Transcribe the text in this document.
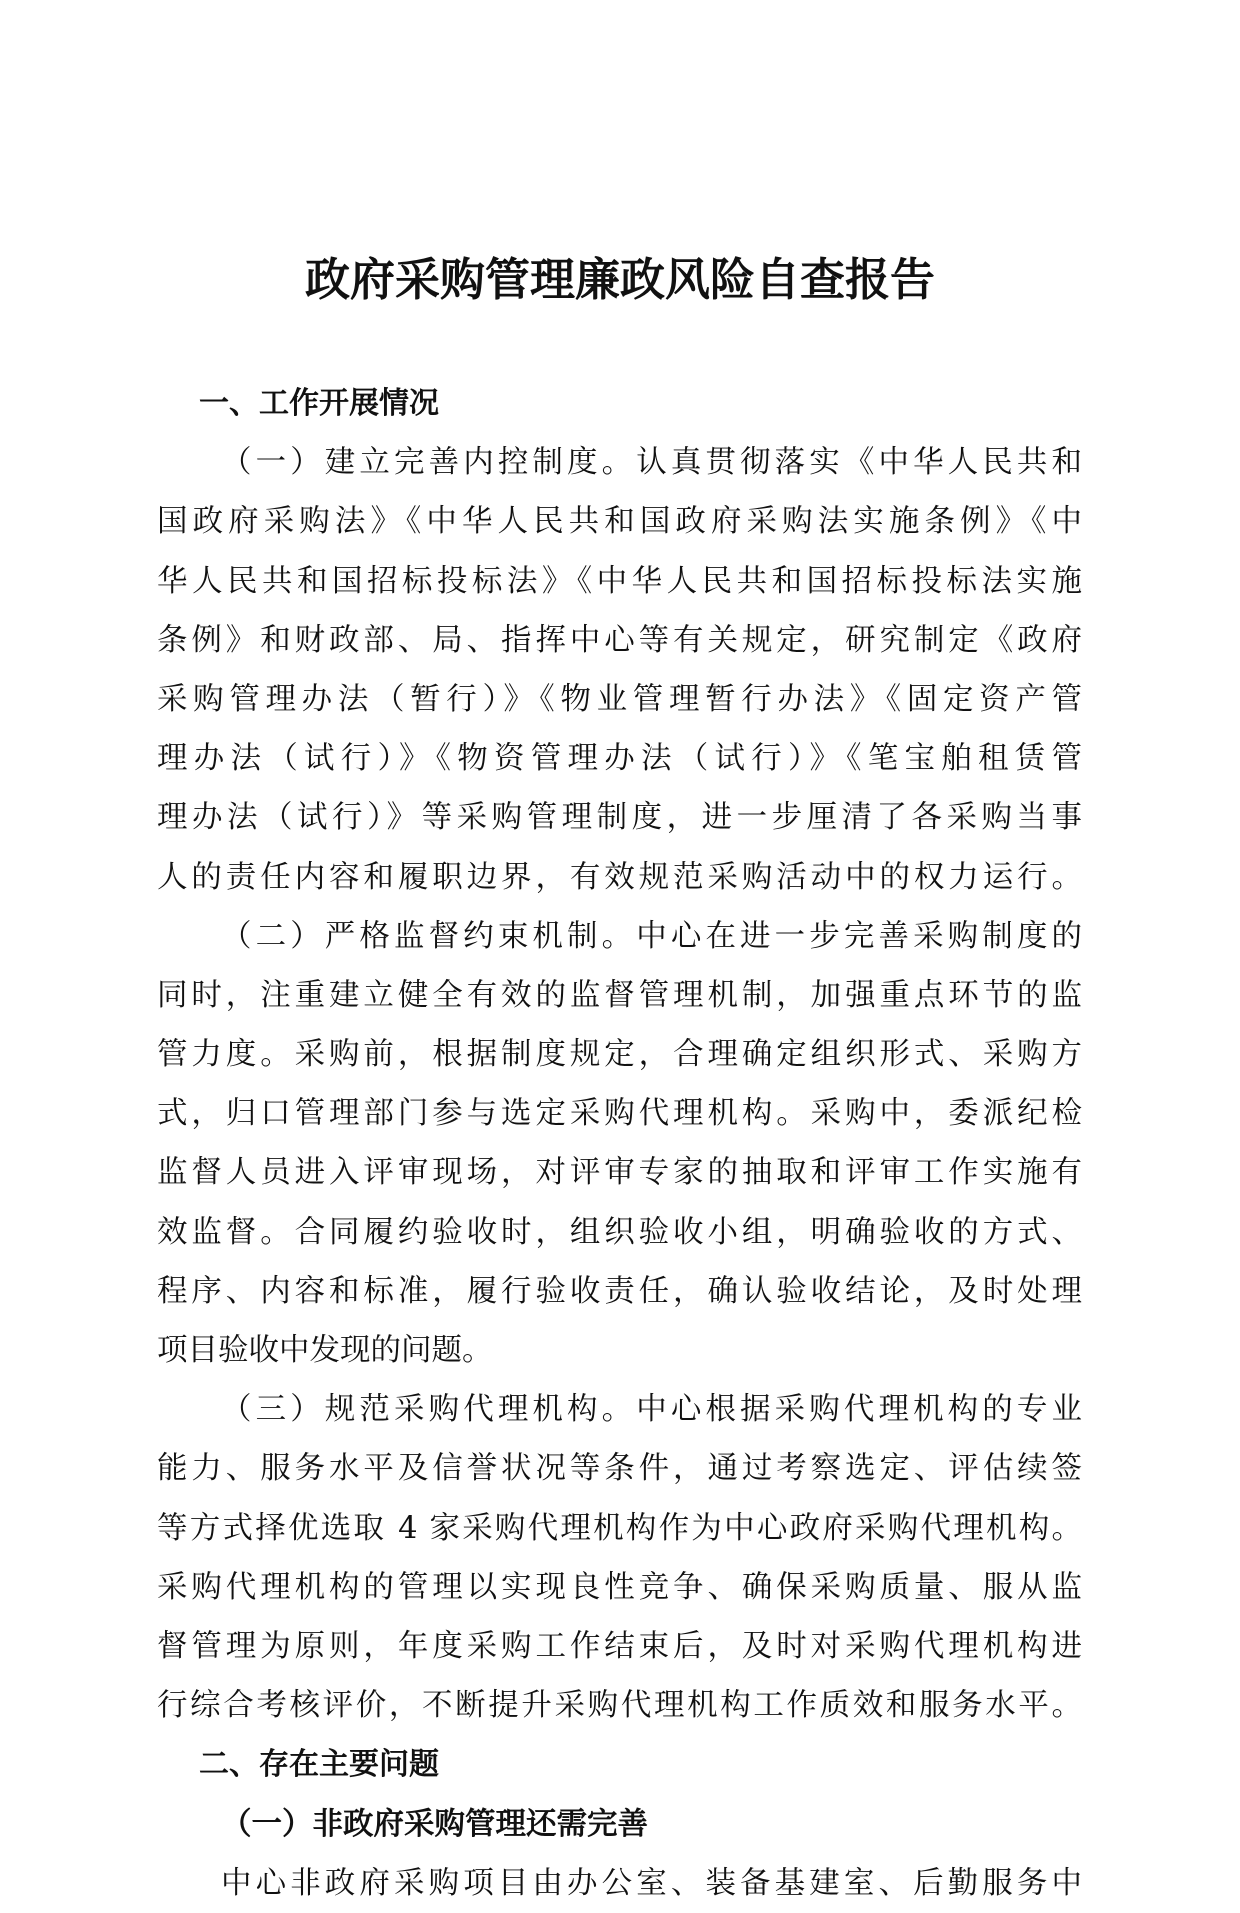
政府采购管理廉政风险自查报告
一、工作开展情况
（一）建立完善内控制度。认真贯彻落实《中华人民共和
国政府采购法》《中华人民共和国政府采购法实施条例》《中
华人民共和国招标投标法》《中华人民共和国招标投标法实施
条例》和财政部、局、指挥中心等有关规定，研究制定《政府
采购管理办法（暂行）》《物业管理暂行办法》《固定资产管
理办法（试行）》《物资管理办法（试行）》《笔宝舶租赁管
理办法（试行）》等采购管理制度，进一步厘清了各采购当事
人的责任内容和履职边界，有效规范采购活动中的权力运行。
（二）严格监督约束机制。中心在进一步完善采购制度的
同时，注重建立健全有效的监督管理机制，加强重点环节的监
管力度。采购前，根据制度规定，合理确定组织形式、采购方
式，归口管理部门参与选定采购代理机构。采购中，委派纪检
监督人员进入评审现场，对评审专家的抽取和评审工作实施有
效监督。合同履约验收时，组织验收小组，明确验收的方式、
程序、内容和标准，履行验收责任，确认验收结论，及时处理
项目验收中发现的问题。
（三）规范采购代理机构。中心根据采购代理机构的专业
能力、服务水平及信誉状况等条件，通过考察选定、评估续签
等方式择优选取 4 家采购代理机构作为中心政府采购代理机构。
采购代理机构的管理以实现良性竞争、确保采购质量、服从监
督管理为原则，年度采购工作结束后，及时对采购代理机构进
行综合考核评价，不断提升采购代理机构工作质效和服务水平。
二、存在主要问题
（一）非政府采购管理还需完善
中心非政府采购项目由办公室、装备基建室、后勤服务中
